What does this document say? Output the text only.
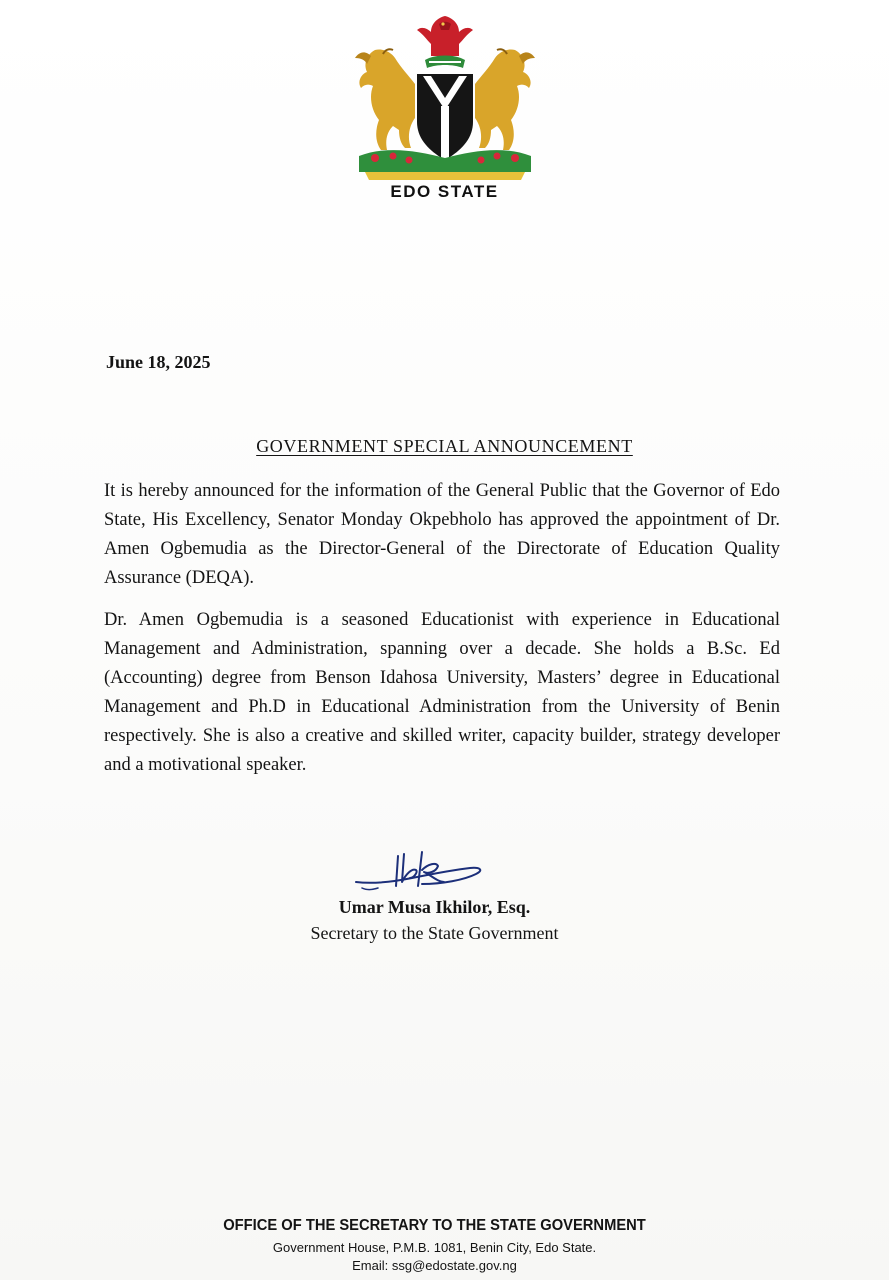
EDO STATE
June 18, 2025
GOVERNMENT SPECIAL ANNOUNCEMENT

It is hereby announced for the information of the General Public that the Governor of Edo State, His Excellency, Senator Monday Okpebholo has approved the appointment of Dr. Amen Ogbemudia as the Director-General of the Directorate of Education Quality Assurance (DEQA).

Dr. Amen Ogbemudia is a seasoned Educationist with experience in Educational Management and Administration, spanning over a decade. She holds a B.Sc. Ed (Accounting) degree from Benson Idahosa University, Masters’ degree in Educational Management and Ph.D in Educational Administration from the University of Benin respectively. She is also a creative and skilled writer, capacity builder, strategy developer and a motivational speaker.

Umar Musa Ikhilor, Esq.
Secretary to the State Government
OFFICE OF THE SECRETARY TO THE STATE GOVERNMENT
Government House, P.M.B. 1081, Benin City, Edo State.
Email: ssg@edostate.gov.ng
